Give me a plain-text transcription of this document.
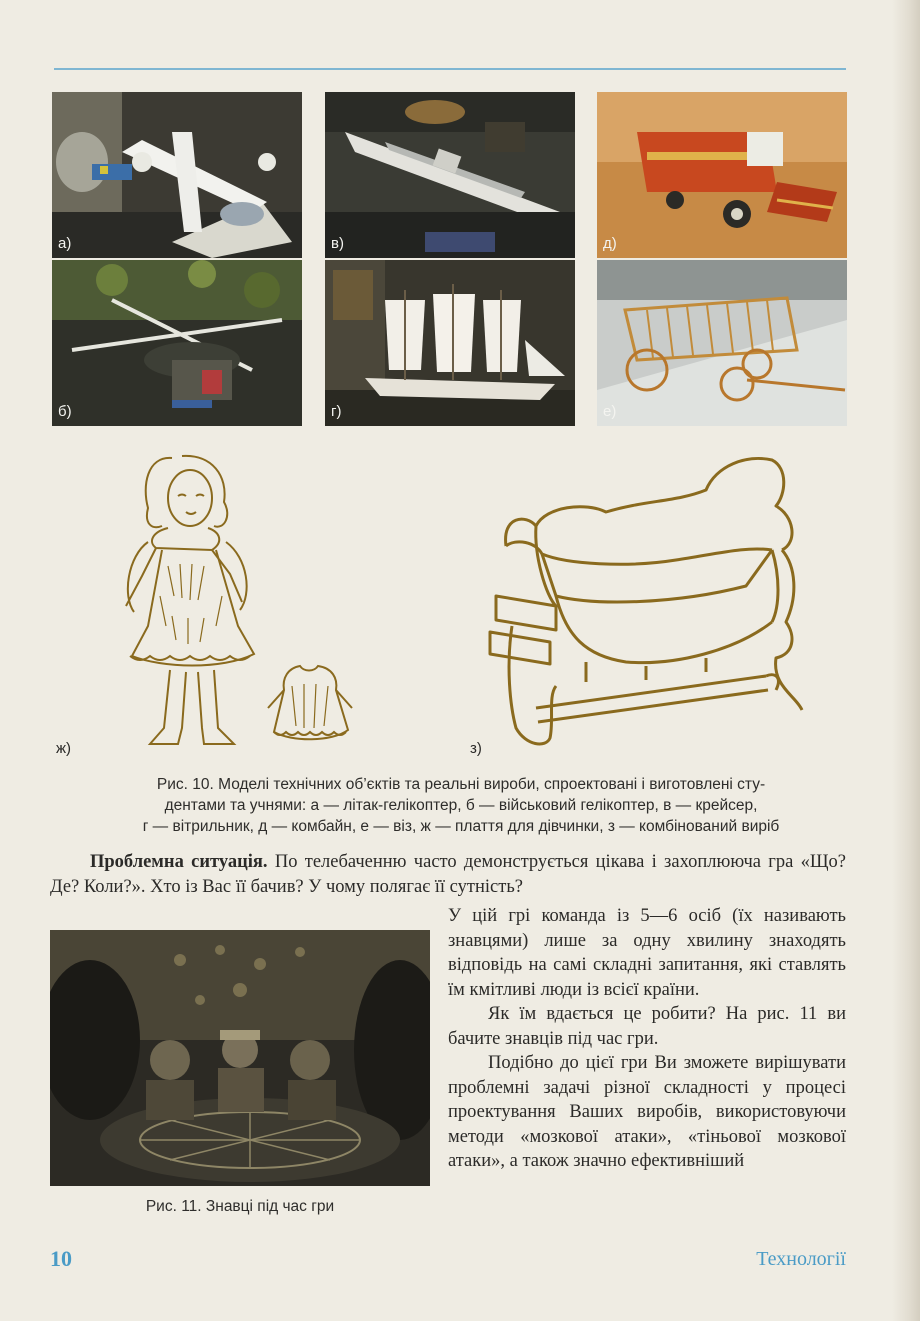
а)
б)
в)
г)
д)
е)
ж)	з)

Рис. 10. Моделі технічних об’єктів та реальні вироби, спроектовані і виготовлені сту-

дентами та учнями: а — літак-гелікоптер, б — військовий гелікоптер, в — крейсер,

г — вітрильник, д — комбайн, е — віз, ж — плаття для дівчинки, з — комбінований виріб

Проблемна ситуація. По телебаченню часто демонструється цікава і захоплююча гра «Що? Де? Коли?». Хто із Вас її бачив? У чому полягає її сутність?
Рис. 11. Знавці під час гри

У цій грі команда із 5—6 осіб (їх називають знавцями) лише за одну хвилину знаходять відповідь на самі складні запитання, які ставлять їм кмітливі люди із всієї країни.

Як їм вдається це робити? На рис. 11 ви бачите знавців під час гри.

Подібно до цієї гри Ви зможете вирішувати проблемні задачі різної складності у процесі проектування Ваших виробів, використовуючи методи «мозкової атаки», «тіньової мозкової атаки», а також значно ефективніший

10	Технології
